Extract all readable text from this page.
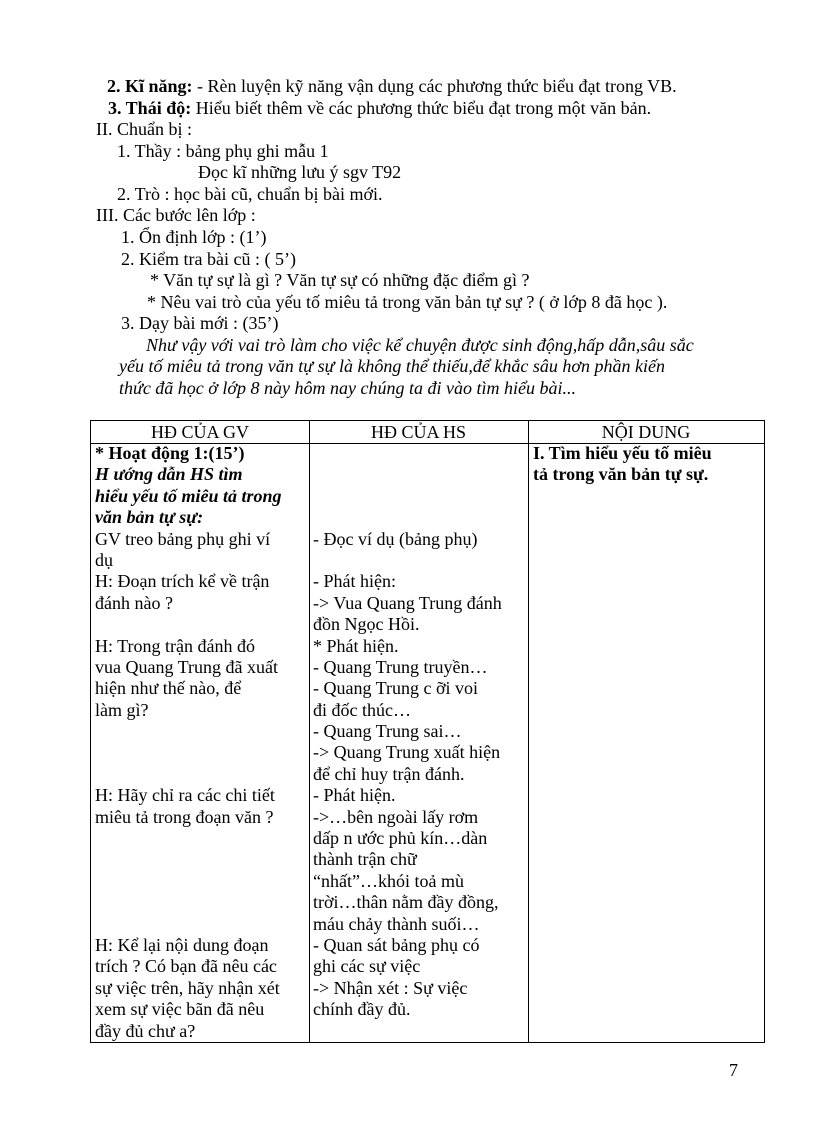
2. Kĩ năng: - Rèn luyện kỹ năng vận dụng các phương thức biểu đạt trong VB.
3. Thái độ: Hiểu biết thêm về các phương thức biểu đạt trong một văn bản.
II. Chuẩn bị :
1. Thầy : bảng phụ ghi mẫu 1
Đọc kĩ những lưu ý sgv T92
2. Trò : học bài cũ, chuẩn bị bài mới.
III. Các bước lên lớp :
1. Ổn định lớp : (1’)
2. Kiểm tra bài cũ : ( 5’)
* Văn tự sự là gì ? Văn tự sự có những đặc điểm gì ?
* Nêu vai trò của yếu tố miêu tả trong văn bản tự sự ? ( ở lớp 8 đã học ).
3. Dạy bài mới : (35’)
Như vậy với vai trò làm cho việc kể chuyện được sinh động,hấp dẫn,sâu sắc
yếu tố miêu tả trong văn tự sự là không thể thiếu,để khắc sâu hơn phần kiến
thức đã học ở lớp 8 này hôm nay chúng ta đi vào tìm hiểu bài...
HĐ CỦA GV	HĐ CỦA HS	NỘI DUNG
* Hoạt động 1:(15’)
H ướng dẫn HS tìm
hiểu yếu tố miêu tả trong
văn bản tự sự:
GV treo bảng phụ ghi ví
dụ
H: Đoạn trích kể về trận
đánh nào ?
H: Trong trận đánh đó
vua Quang Trung đã xuất
hiện như thế nào, để
làm gì?
H: Hãy chỉ ra các chi tiết
miêu tả trong đoạn văn ?
H: Kể lại nội dung đoạn
trích ? Có bạn đã nêu các
sự việc trên, hãy nhận xét
xem sự việc bãn đã nêu
đầy đủ chư a?
- Đọc ví dụ (bảng phụ)
- Phát hiện:
-> Vua Quang Trung đánh
đồn Ngọc Hồi.
* Phát hiện.
- Quang Trung truyền…
- Quang Trung c ỡi voi
đi đốc thúc…
- Quang Trung sai…
-> Quang Trung xuất hiện
để chỉ huy trận đánh.
- Phát hiện.
->…bên ngoài lấy rơm
dấp n ước phủ kín…dàn
thành trận chữ
“nhất”…khói toả mù
trời…thân nằm đầy đồng,
máu chảy thành suối…
- Quan sát bảng phụ có
ghi các sự việc
-> Nhận xét : Sự việc
chính đầy đủ.
I. Tìm hiểu yếu tố miêu
tả trong văn bản tự sự.
7
